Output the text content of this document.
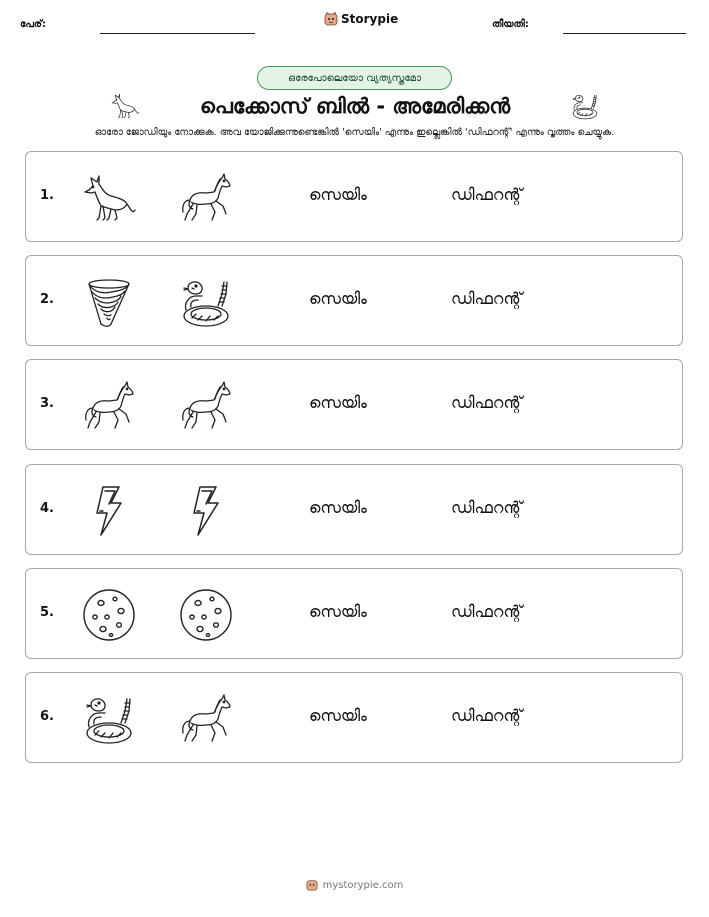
പേര്:	Storypie	തീയതി:
ഒരേപോലെയോ വ്യത്യസ്തമോ
പെക്കോസ് ബിൽ - അമേരിക്കൻ
ഓരോ ജോഡിയും നോക്കുക. അവ യോജിക്കുന്നുണ്ടെങ്കിൽ 'സെയിം' എന്നും ഇല്ലെങ്കിൽ 'ഡിഫറന്റ്' എന്നും വൃത്തം ചെയ്യുക.
1.	സെയിം	ഡിഫറന്റ്
2.	സെയിം	ഡിഫറന്റ്
3.	സെയിം	ഡിഫറന്റ്
4.	സെയിം	ഡിഫറന്റ്
5.	സെയിം	ഡിഫറന്റ്
6.	സെയിം	ഡിഫറന്റ്
mystorypie.com
